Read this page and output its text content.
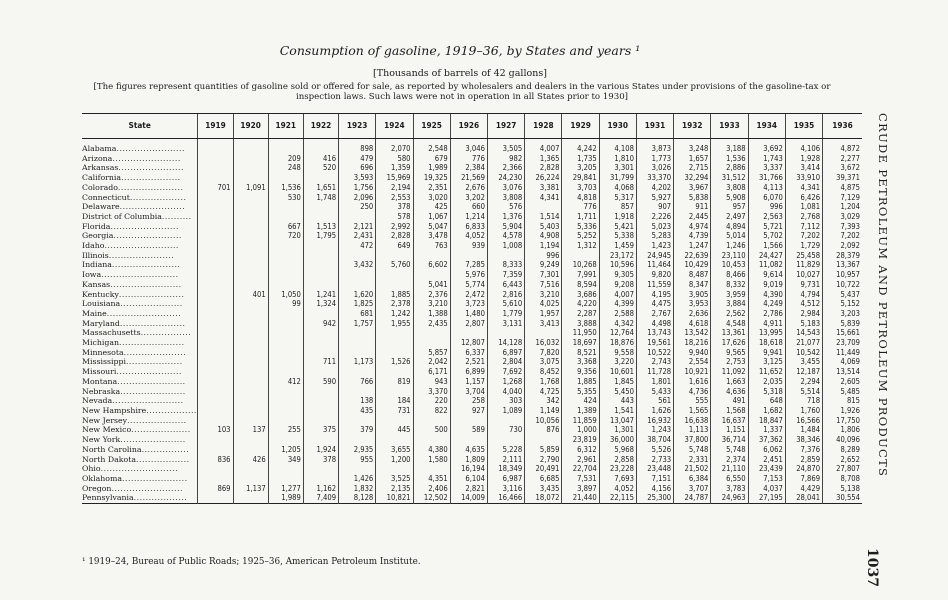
Consumption of gasoline, 1919–36, by States and years ¹
[Thousands of barrels of 42 gallons]
[The figures represent quantities of gasoline sold or offered for sale, as reported by wholesalers and dealers in the various States under provisions of the gasoline-tax or inspection laws. Such laws were not in operation in all States prior to 1930]
State	1919	1920	1921	1922	1923	1924	1925	1926	1927	1928	1929	1930	1931	1932	1933	1934	1935	1936
Alabama.......................					898	2,070	2,548	3,046	3,505	4,007	4,242	4,108	3,873	3,248	3,188	3,692	4,106	4,872
Arizona.......................			209	416	479	580	679	776	982	1,365	1,735	1,810	1,773	1,657	1,536	1,743	1,928	2,277
Arkansas......................			248	520	696	1,359	1,989	2,384	2,366	2,828	3,205	3,301	3,026	2,715	2,886	3,337	3,414	3,672
California....................					3,593	15,969	19,325	21,569	24,230	26,224	29,841	31,799	33,370	32,294	31,512	31,766	33,910	39,371
Colorado......................	701	1,091	1,536	1,651	1,756	2,194	2,351	2,676	3,076	3,381	3,703	4,068	4,202	3,967	3,808	4,113	4,341	4,875
Connecticut...................			530	1,748	2,096	2,553	3,020	3,202	3,808	4,341	4,818	5,317	5,927	5,838	5,908	6,070	6,426	7,129
Delaware......................					250	378	425	660	576		776	857	907	911	957	996	1,081	1,204
District of Columbia..........						578	1,067	1,214	1,376	1,514	1,711	1,918	2,226	2,445	2,497	2,563	2,768	3,029
Florida.......................			667	1,513	2,121	2,992	5,047	6,833	5,904	5,403	5,336	5,421	5,023	4,974	4,894	5,721	7,112	7,393
Georgia.......................			720	1,795	2,431	2,828	3,478	4,052	4,578	4,908	5,252	5,338	5,283	4,739	5,014	5,702	7,202	7,202
Idaho.........................					472	649	763	939	1,008	1,194	1,312	1,459	1,423	1,247	1,246	1,566	1,729	2,092
Illinois......................										996		23,172	24,945	22,639	23,110	24,427	25,458	28,379
Indiana.......................					3,432	5,760	6,602	7,285	8,333	9,249	10,268	10,596	11,464	10,429	10,453	11,082	11,829	13,367
Iowa..........................								5,976	7,359	7,301	7,991	9,305	9,820	8,487	8,466	9,614	10,027	10,957
Kansas........................							5,041	5,774	6,443	7,516	8,594	9,208	11,559	8,347	8,332	9,019	9,731	10,722
Kentucky......................		401	1,050	1,241	1,620	1,885	2,376	2,472	2,816	3,210	3,686	4,007	4,195	3,905	3,959	4,390	4,794	5,437
Louisiana.....................			99	1,324	1,825	2,378	3,210	3,723	5,610	4,025	4,220	4,399	4,475	3,953	3,884	4,249	4,512	5,152
Maine.........................					681	1,242	1,388	1,480	1,779	1,957	2,287	2,588	2,767	2,636	2,562	2,786	2,984	3,203
Maryland......................				942	1,757	1,955	2,435	2,807	3,131	3,413	3,888	4,342	4,498	4,618	4,548	4,911	5,183	5,839
Massachusetts.................											11,950	12,764	13,743	13,542	13,361	13,995	14,543	15,661
Michigan......................								12,807	14,128	16,032	18,697	18,876	19,561	18,216	17,626	18,618	21,077	23,709
Minnesota.....................							5,857	6,337	6,897	7,820	8,521	9,558	10,522	9,940	9,565	9,941	10,542	11,449
Mississippi...................				711	1,173	1,526	2,042	2,521	2,804	3,075	3,368	3,220	2,743	2,554	2,753	3,125	3,455	4,069
Missouri......................							6,171	6,899	7,692	8,452	9,356	10,601	11,728	10,921	11,092	11,652	12,187	13,514
Montana.......................			412	590	766	819	943	1,157	1,268	1,768	1,885	1,845	1,801	1,616	1,663	2,035	2,294	2,605
Nebraska......................							3,370	3,704	4,040	4,725	5,355	5,450	5,433	4,736	4,636	5,318	5,514	5,485
Nevada........................					138	184	220	258	303	342	424	443	561	555	491	648	718	815
New Hampshire.................					435	731	822	927	1,089	1,149	1,389	1,541	1,626	1,565	1,568	1,682	1,760	1,926
New Jersey....................										10,056	11,859	13,047	16,932	16,638	16,637	18,847	16,566	17,750
New Mexico....................	103	137	255	375	379	445	500	589	730	876	1,000	1,301	1,243	1,113	1,151	1,337	1,484	1,806
New York......................											23,819	36,000	38,704	37,800	36,714	37,362	38,346	40,096
North Carolina................			1,205	1,924	2,935	3,655	4,380	4,635	5,228	5,859	6,312	5,968	5,526	5,748	5,748	6,062	7,376	8,289
North Dakota..................	836	426	349	378	955	1,200	1,580	1,809	2,111	2,790	2,961	2,858	2,733	2,331	2,374	2,451	2,859	2,652
Ohio..........................								16,194	18,349	20,491	22,704	23,228	23,448	21,502	21,110	23,439	24,870	27,807
Oklahoma......................					1,426	3,525	4,351	6,104	6,987	6,685	7,531	7,693	7,151	6,384	6,550	7,153	7,869	8,708
Oregon........................	869	1,137	1,277	1,162	1,832	2,135	2,406	2,821	3,116	3,435	3,897	4,052	4,156	3,707	3,783	4,037	4,429	5,138
Pennsylvania..................			1,989	7,409	8,128	10,821	12,502	14,009	16,466	18,072	21,440	22,115	25,300	24,787	24,963	27,195	28,041	30,554
CRUDE PETROLEUM AND PETROLEUM PRODUCTS
1037
¹ 1919–24, Bureau of Public Roads; 1925–36, American Petroleum Institute.
